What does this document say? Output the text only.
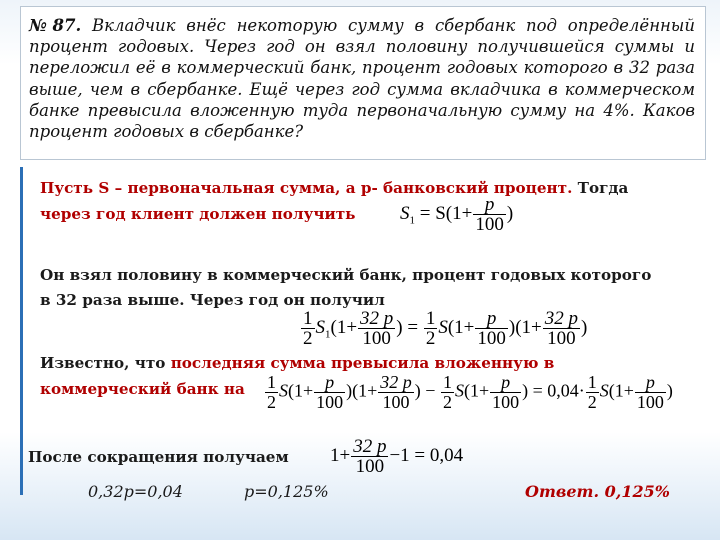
№87. Вкладчик внёс некоторую сумму в сбербанк под определённый процент годовых. Через год он взял половину получившейся суммы и переложил её в коммерческий банк, процент годовых которого в 32 раза выше, чем в сбербанке. Ещё через год сумма вкладчика в коммерческом банке превысила вложенную туда первоначальную сумму на 4%. Каков процент годовых в сбербанке?
Пусть S – первоначальная сумма, а р- банковский процент. Тогда
через год клиент должен получить $S_1 = S(1+ \frac{p}{100}$ )
Он взял половину в коммерческий банк, процент годовых которого
в 32 раза выше. Через год он получил
$\frac{1}{2} S_1(1+ \frac{32 p}{100}$ ) = $\frac{1}{2} S(1+ \frac{p}{100} )(1+ \frac{32 p}{100}$ )
Известно, что последняя сумма превысила вложенную в
коммерческий банк на $\frac{1}{2} S(1+ \frac{p}{100} )(1+ \frac{32 p}{100}$ ) − $\frac{1}{2} S(1+ \frac{p}{100}$ ) = $0,04\cdot \frac{1}{2} S(1+ \frac{p}{100}$ )
После сокращения получаем $1+ \frac{32 p}{100} -1 = 0,04$
0,32р=0,04	р=0,125%	Ответ. 0,125%
